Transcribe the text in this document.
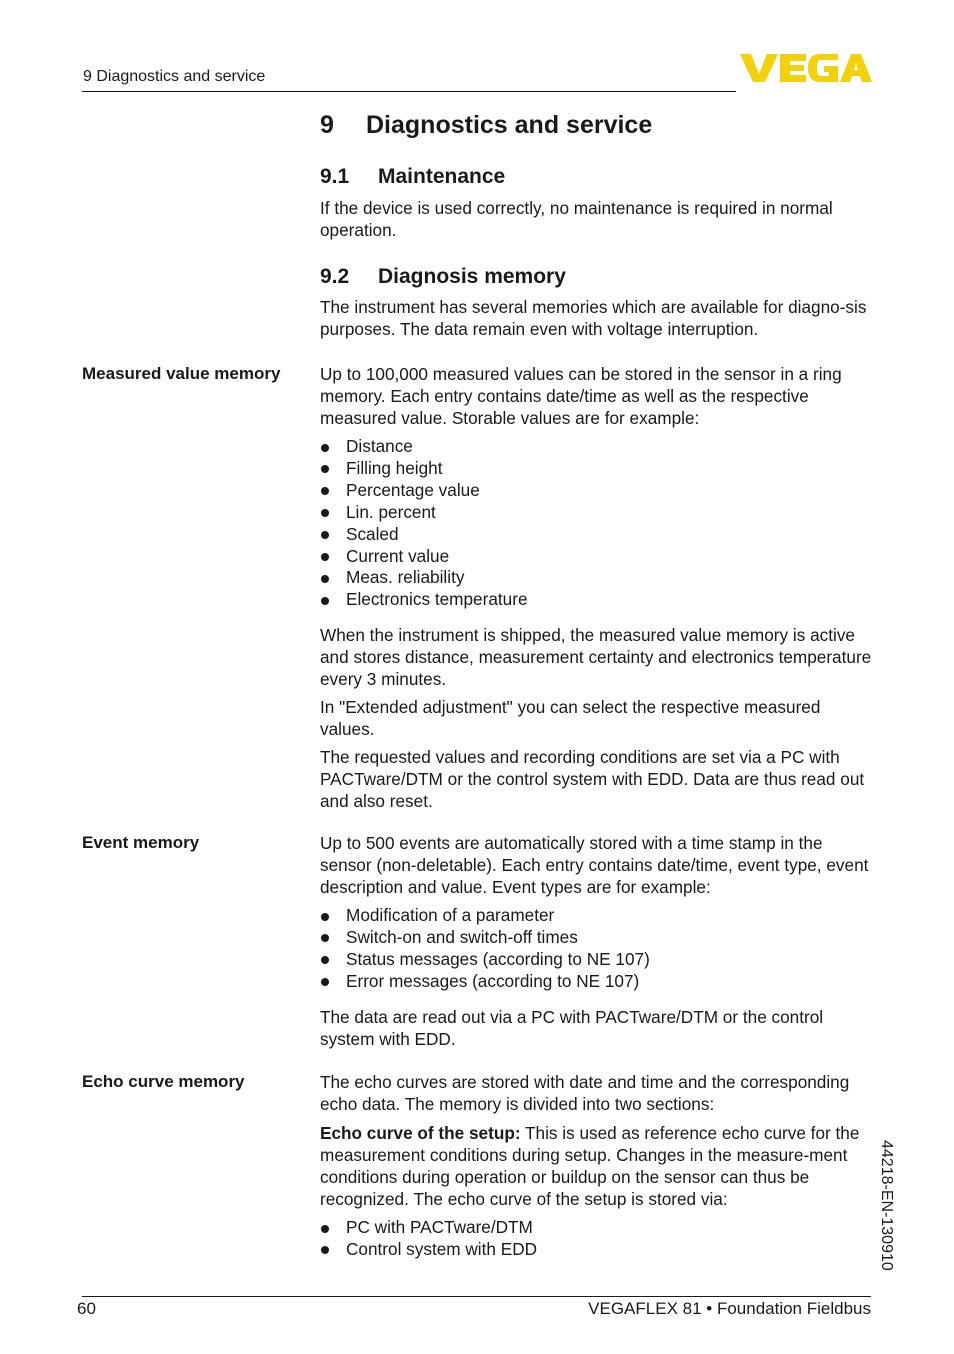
9 Diagnostics and service
9 Diagnostics and service
9.1 Maintenance

If the device is used correctly, no maintenance is required in normal operation.

9.2 Diagnosis memory

The instrument has several memories which are available for diagno-sis purposes. The data remain even with voltage interruption.

Measured value memory Up to 100,000 measured values can be stored in the sensor in a ring memory. Each entry contains date/time as well as the respective measured value. Storable values are for example:

Distance
Filling height
Percentage value
Lin. percent
Scaled
Current value
Meas. reliability
Electronics temperature

When the instrument is shipped, the measured value memory is active and stores distance, measurement certainty and electronics temperature every 3 minutes.

In "Extended adjustment" you can select the respective measured values.

The requested values and recording conditions are set via a PC with PACTware/DTM or the control system with EDD. Data are thus read out and also reset.

Event memory	Up to 500 events are automatically stored with a time stamp in the sensor (non-deletable). Each entry contains date/time, event type, event description and value. Event types are for example:

Modification of a parameter
Switch-on and switch-off times
Status messages (according to NE 107)
Error messages (according to NE 107)

The data are read out via a PC with PACTware/DTM or the control system with EDD.

Echo curve memory	The echo curves are stored with date and time and the corresponding echo data. The memory is divided into two sections:

Echo curve of the setup: This is used as reference echo curve for the measurement conditions during setup. Changes in the measure-ment conditions during operation or buildup on the sensor can thus be recognized. The echo curve of the setup is stored via:

PC with PACTware/DTM
Control system with EDD	44218-EN-130910
60	VEGAFLEX 81 • Foundation Fieldbus
